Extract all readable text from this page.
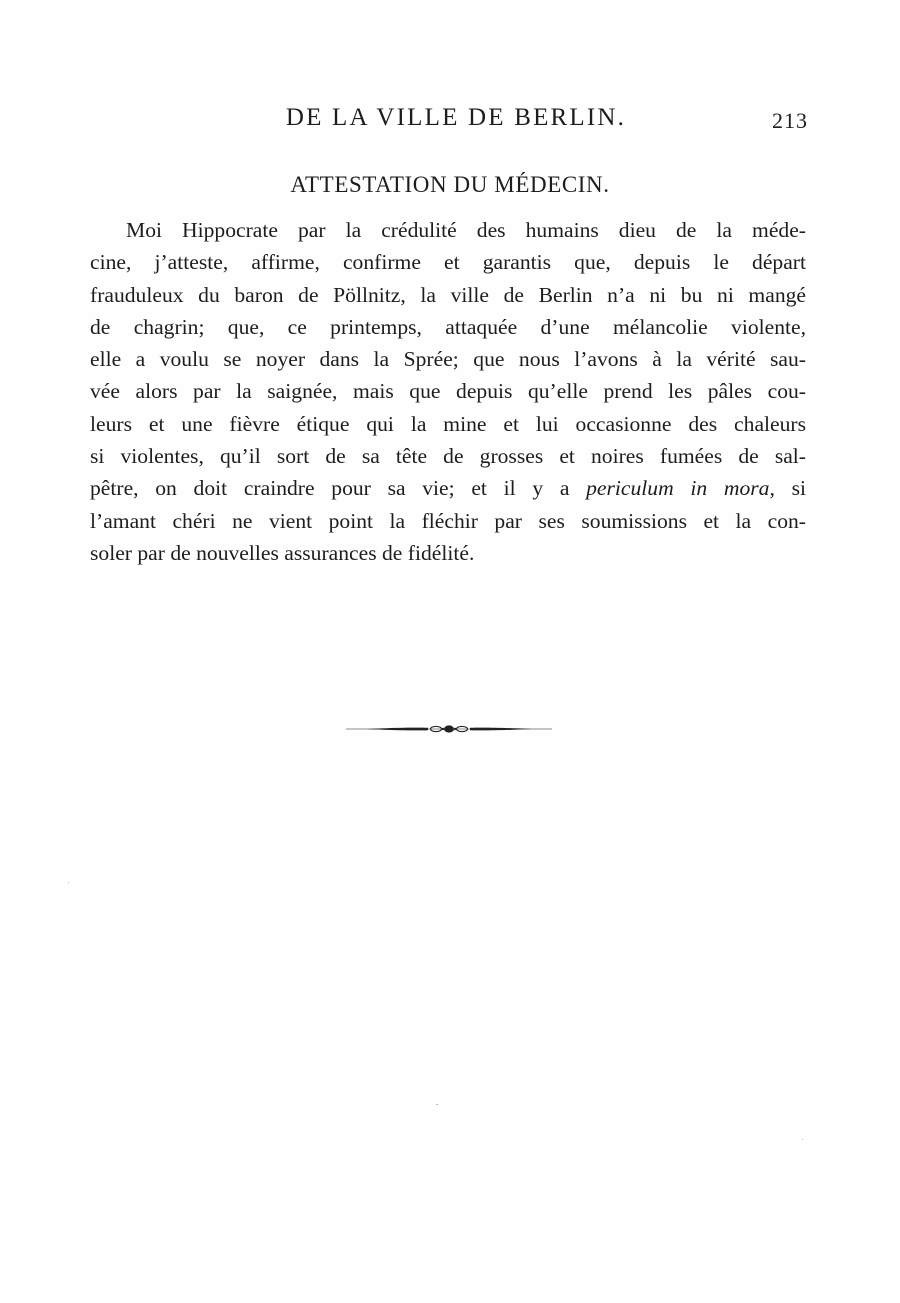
DE LA VILLE DE BERLIN.	213
ATTESTATION DU MÉDECIN.
Moi Hippocrate par la crédulité des humains dieu de la méde-
cine, j’atteste, affirme, confirme et garantis que, depuis le départ
frauduleux du baron de Pöllnitz, la ville de Berlin n’a ni bu ni mangé
de chagrin; que, ce printemps, attaquée d’une mélancolie violente,
elle a voulu se noyer dans la Sprée; que nous l’avons à la vérité sau-
vée alors par la saignée, mais que depuis qu’elle prend les pâles cou-
leurs et une fièvre étique qui la mine et lui occasionne des chaleurs
si violentes, qu’il sort de sa tête de grosses et noires fumées de sal-
pêtre, on doit craindre pour sa vie; et il y a periculum in mora, si
l’amant chéri ne vient point la fléchir par ses soumissions et la con-
soler par de nouvelles assurances de fidélité.
